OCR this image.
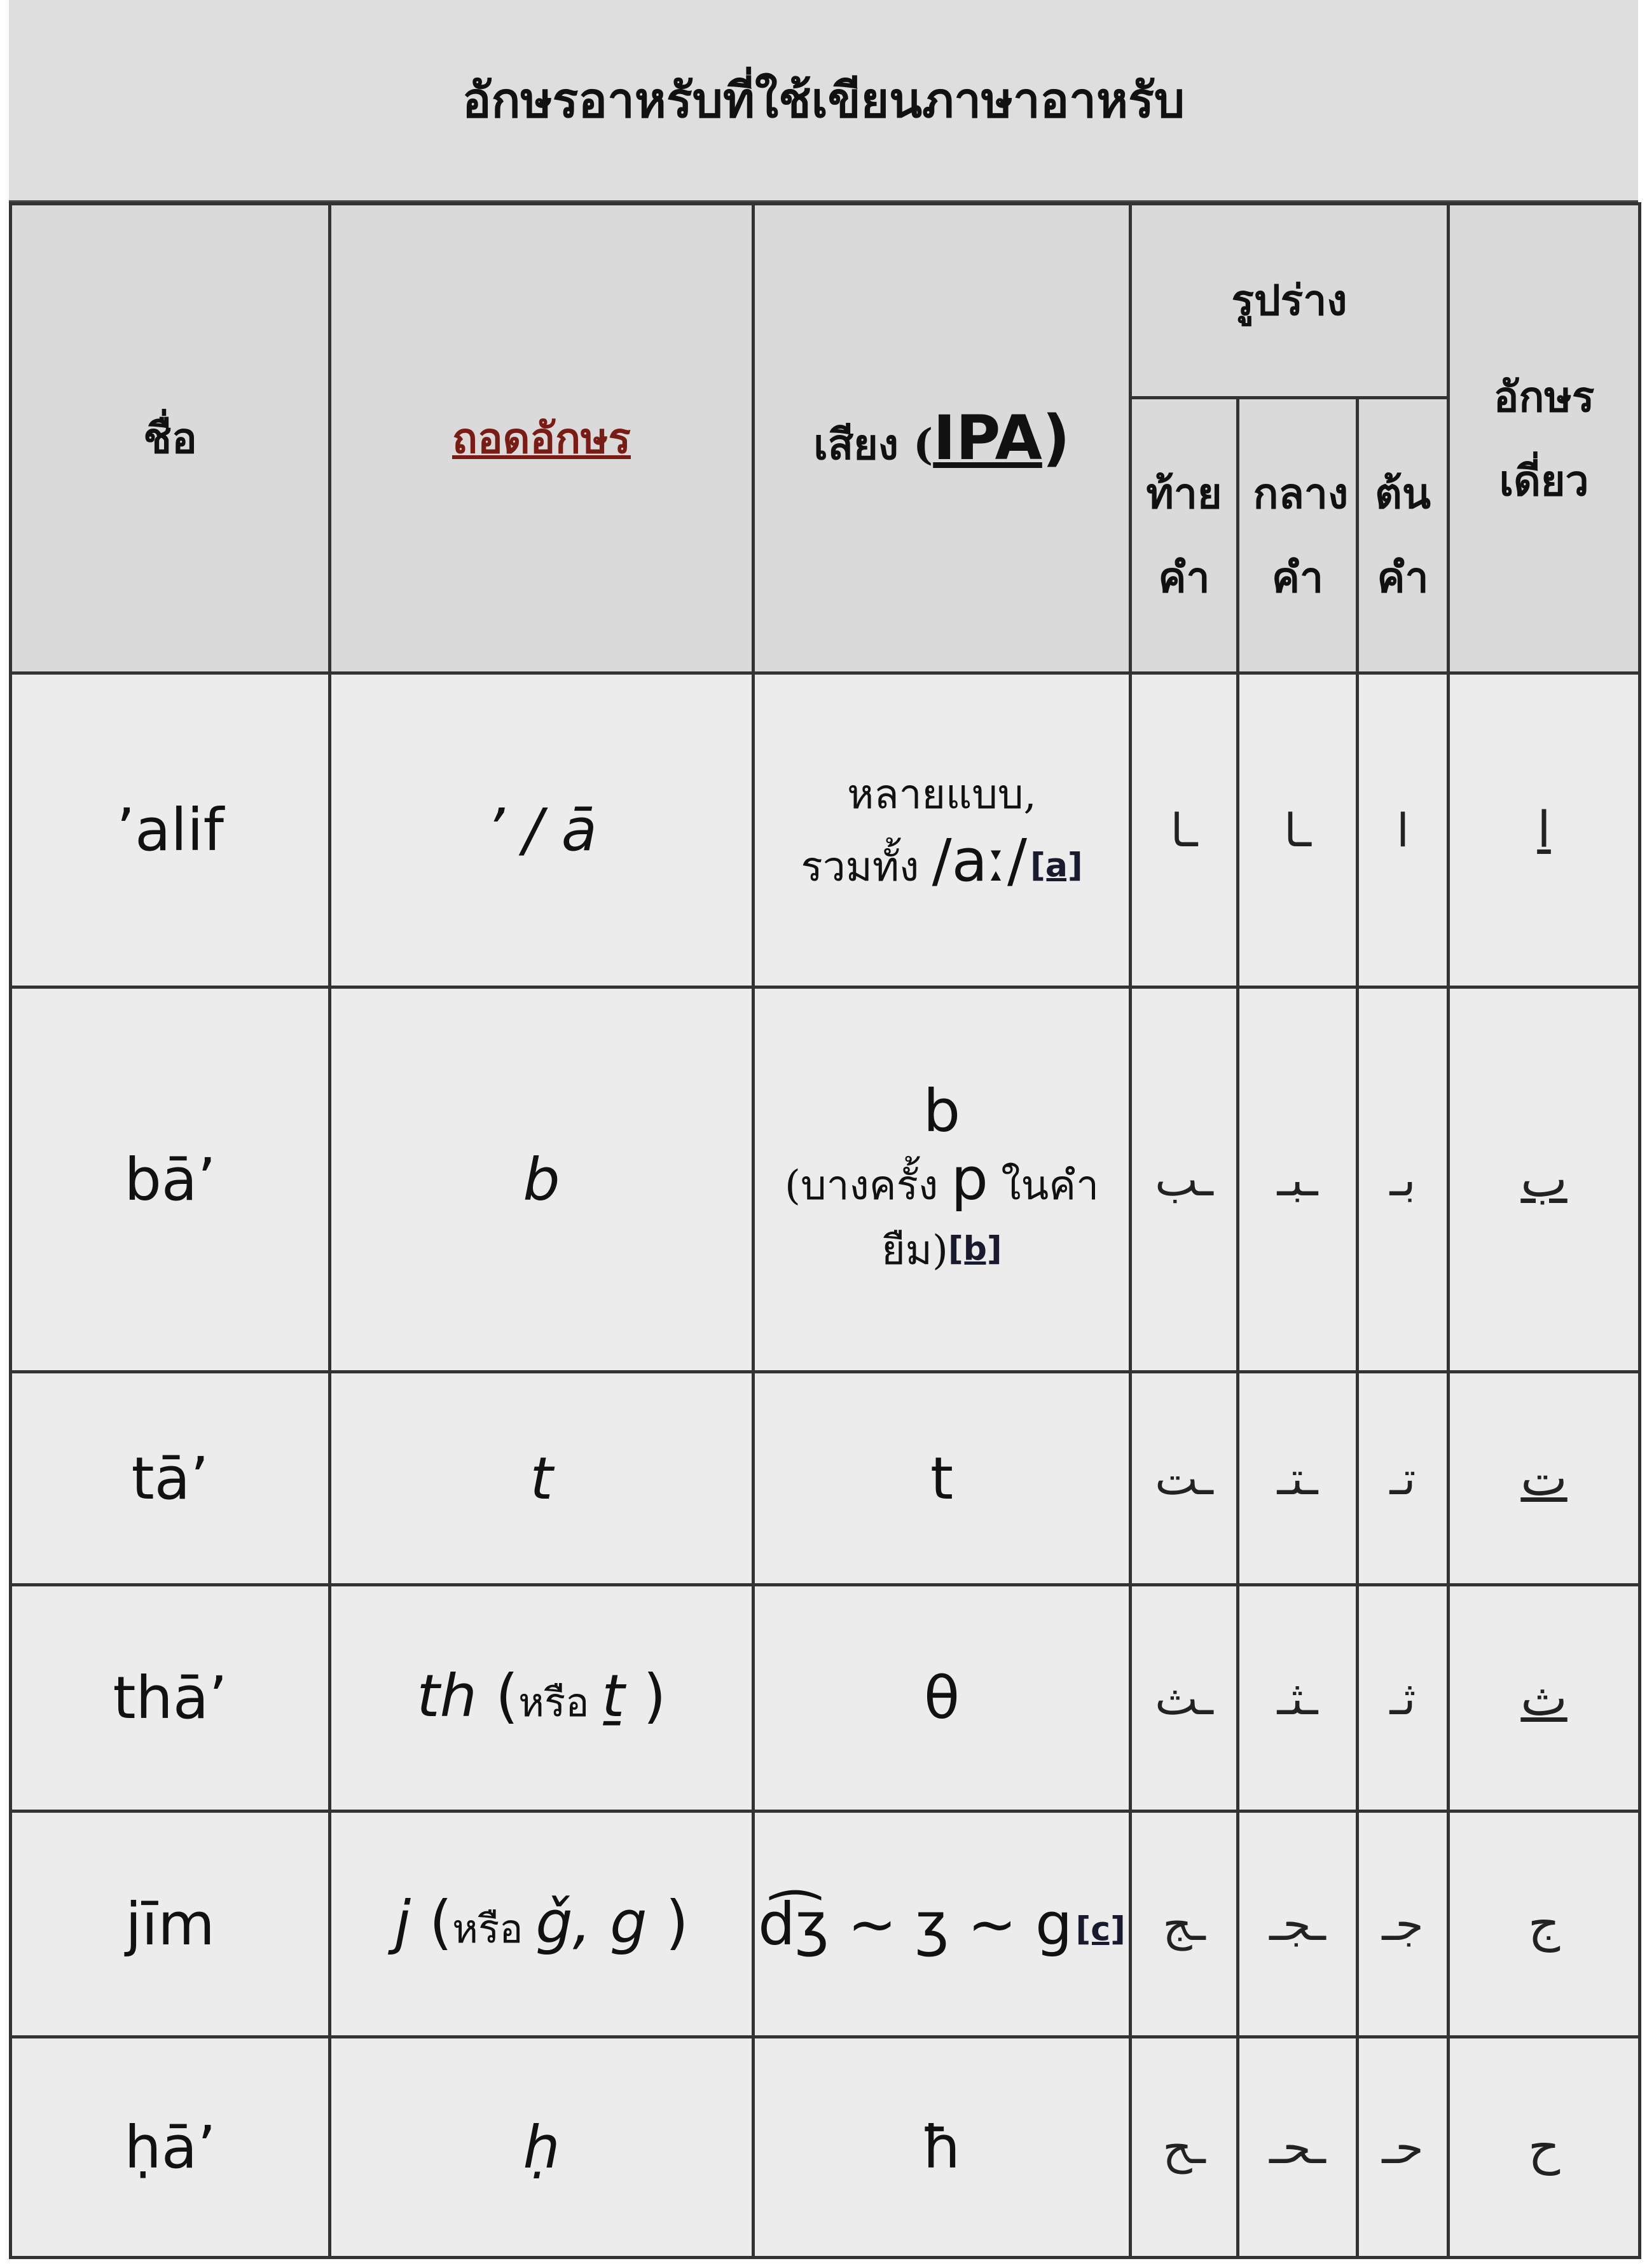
อักษรอาหรับที่ใช้เขียนภาษาอาหรับ
ชื่อ	ถอดอักษร	เสียง (IPA)	รูปร่าง			อักษร เดี่ยว

			ท้าย คำ	กลาง คำ	ต้น คำ	

’alif	’ / ā	หลายแบบ,
รวมทั้ง /aː/ [a]	ـا	ـا	ا	ا
bā’	b	b
(บางครั้ง p ในคำ
ยืม)[b]	ـب	ـبـ	بـ	ب
tā’	t	t	ـت	ـتـ	تـ	ت
thā’	th (หรือ ṯ )	θ	ـث	ـثـ	ثـ	ث
jīm	j (หรือ ǧ, g )	d͡ʒ ~ ʒ ~ g [c]	ـج	ـجـ	جـ	ج
ḥā’	ḥ	ħ	ـح	ـحـ	حـ	ح
